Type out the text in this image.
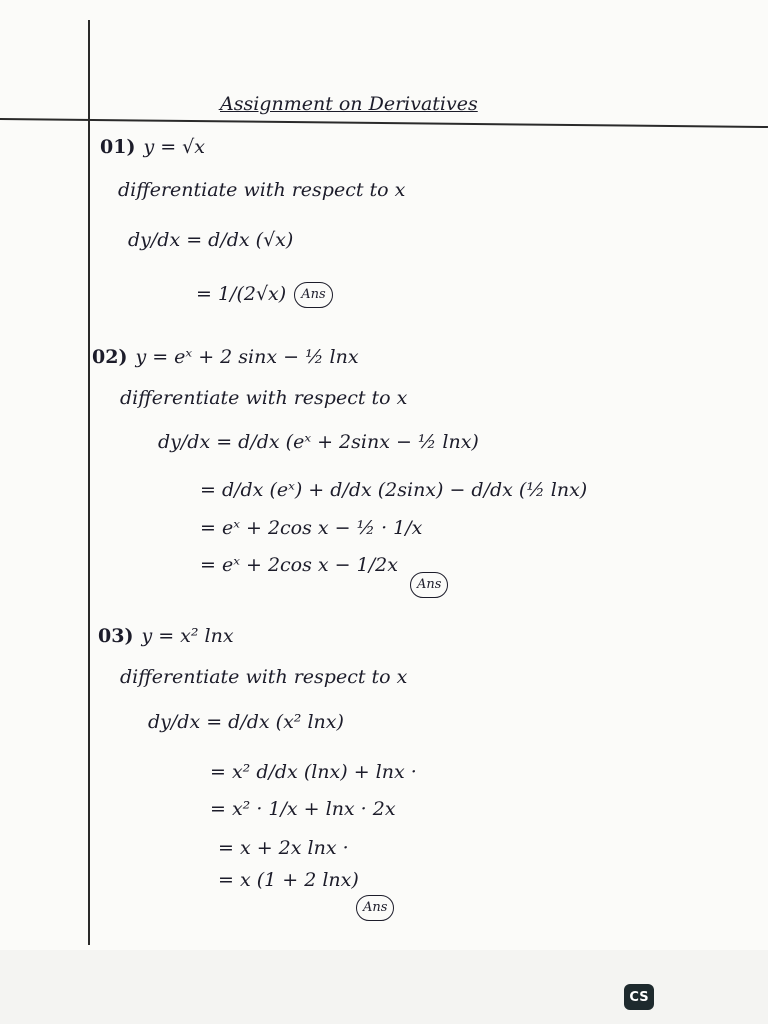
Assignment on Derivatives
01) y = √x
differentiate with respect to x
dy/dx = d/dx (√x)
= 1/(2√x) Ans
02) y = eˣ + 2 sinx − ½ lnx
differentiate with respect to x
dy/dx = d/dx (eˣ + 2sinx − ½ lnx)
= d/dx (eˣ) + d/dx (2sinx) − d/dx (½ lnx)
= eˣ + 2cos x − ½ · 1/x
= eˣ + 2cos x − 1/2x
Ans
03) y = x² lnx
differentiate with respect to x
dy/dx = d/dx (x² lnx)
= x² d/dx (lnx) + lnx ·
= x² · 1/x + lnx · 2x
= x + 2x lnx ·
= x (1 + 2 lnx)
Ans
CS
